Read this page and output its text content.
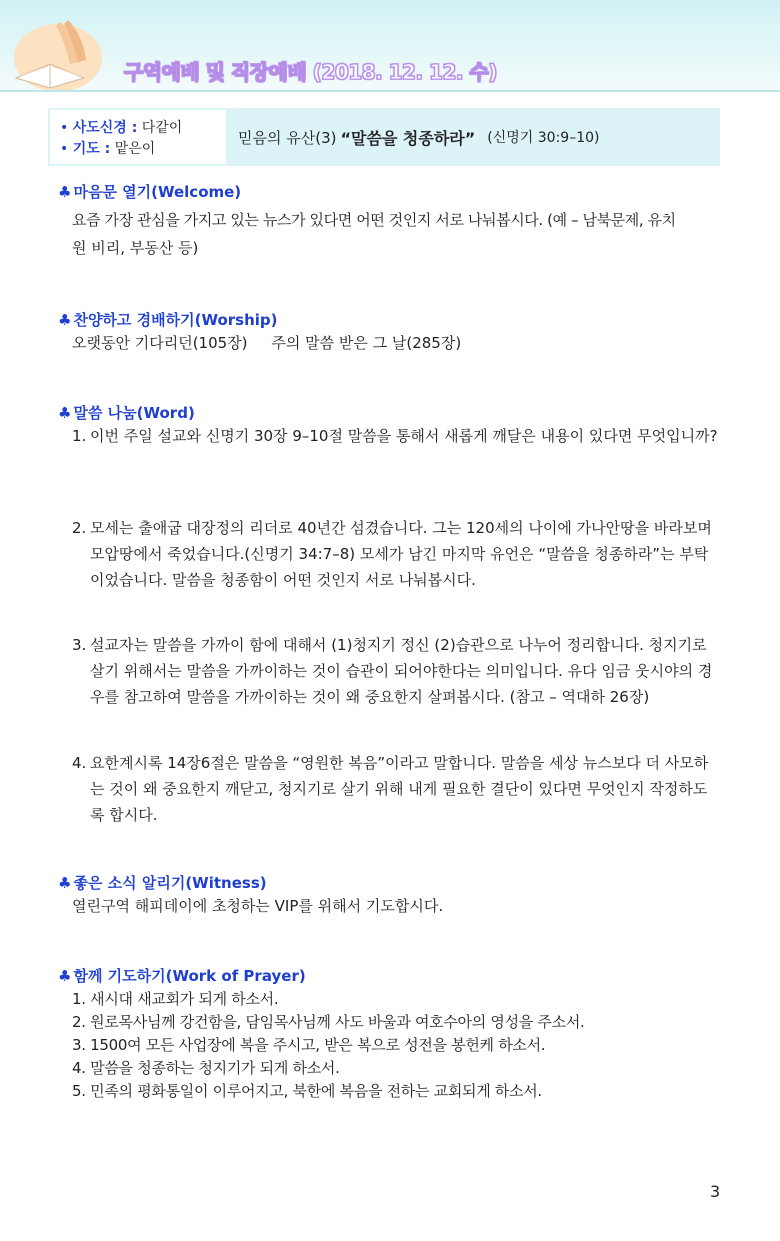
구역예배 및 직장예배 (2018. 12. 12. 수)
• 사도신경 : 다같이
• 기도 : 맡은이
믿음의 유산(3) “말씀을 청종하라” (신명기 30:9–10)
♣ 마음문 열기(Welcome)
요즘 가장 관심을 가지고 있는 뉴스가 있다면 어떤 것인지 서로 나눠봅시다. (예 – 남북문제, 유치
원 비리, 부동산 등)
♣ 찬양하고 경배하기(Worship)
오랫동안 기다리던(105장)     주의 말씀 받은 그 날(285장)
♣ 말씀 나눔(Word)
1. 이번 주일 설교와 신명기 30장 9–10절 말씀을 통해서 새롭게 깨달은 내용이 있다면 무엇입니까?
2. 모세는 출애굽 대장정의 리더로 40년간 섬겼습니다. 그는 120세의 나이에 가나안땅을 바라보며 모압땅에서 죽었습니다.(신명기 34:7–8) 모세가 남긴 마지막 유언은 “말씀을 청종하라”는 부탁이었습니다. 말씀을 청종함이 어떤 것인지 서로 나눠봅시다.
3. 설교자는 말씀을 가까이 함에 대해서 (1)청지기 정신 (2)습관으로 나누어 정리합니다. 청지기로 살기 위해서는 말씀을 가까이하는 것이 습관이 되어야한다는 의미입니다. 유다 임금 웃시야의 경우를 참고하여 말씀을 가까이하는 것이 왜 중요한지 살펴봅시다. (참고 – 역대하 26장)
4. 요한계시록 14장6절은 말씀을 “영원한 복음”이라고 말합니다. 말씀을 세상 뉴스보다 더 사모하는 것이 왜 중요한지 깨닫고, 청지기로 살기 위해 내게 필요한 결단이 있다면 무엇인지 작정하도록 합시다.
♣ 좋은 소식 알리기(Witness)
열린구역 해피데이에 초청하는 VIP를 위해서 기도합시다.
♣ 함께 기도하기(Work of Prayer)
1. 새시대 새교회가 되게 하소서.
2. 원로목사님께 강건함을, 담임목사님께 사도 바울과 여호수아의 영성을 주소서.
3. 1500여 모든 사업장에 복을 주시고, 받은 복으로 성전을 봉헌케 하소서.
4. 말씀을 청종하는 청지기가 되게 하소서.
5. 민족의 평화통일이 이루어지고, 북한에 복음을 전하는 교회되게 하소서.
3
